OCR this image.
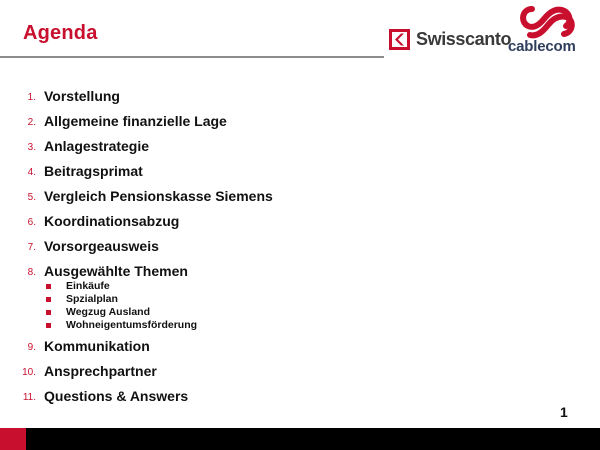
Agenda	Swisscanto
cablecom
1. Vorstellung
2. Allgemeine finanzielle Lage
3. Anlagestrategie
4. Beitragsprimat
5. Vergleich Pensionskasse Siemens
6. Koordinationsabzug
7. Vorsorgeausweis
8. Ausgewählte Themen
Einkäufe
Spzialplan
Wegzug Ausland
Wohneigentumsförderung
9. Kommunikation
10. Ansprechpartner
11. Questions & Answers
1
